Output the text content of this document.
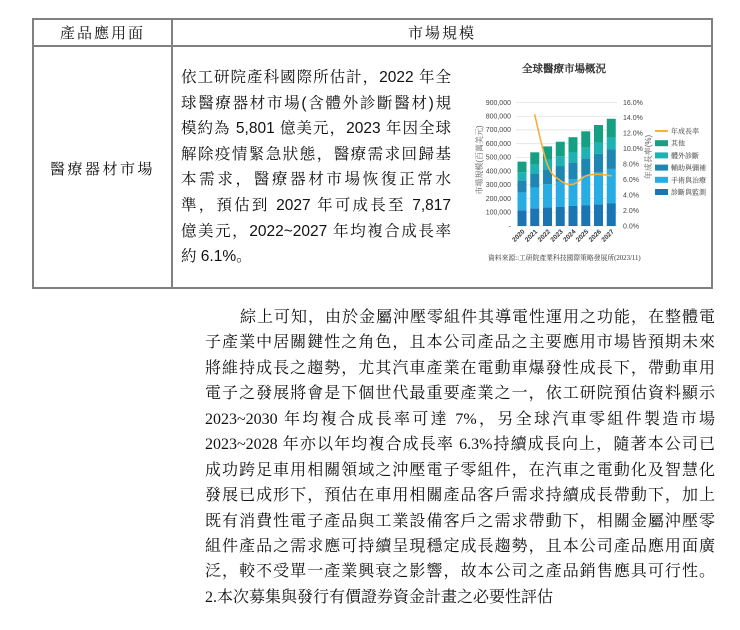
產品應用面	市場規模
醫療器材市場
依工研院產科國際所估計，2022 年全
球醫療器材市場(含體外診斷醫材)規
模約為 5,801 億美元，2023 年因全球
解除疫情緊急狀態，醫療需求回歸基
本需求，醫療器材市場恢復正常水
準，預估到 2027 年可成長至 7,817
億美元，2022~2027 年均複合成長率
約 6.1%。
全球醫療市場概況
-
100,000
200,000
300,000
400,000
500,000
600,000
700,000
800,000
900,000
0.0%
2.0%
4.0%
6.0%
8.0%
10.0%
12.0%
14.0%
16.0%
2020
2021
2022
2023
2024
2025
2026
2027
市場規模(百萬美元)	年成長率(%)
年成長率
其他
體外診斷
輔助與彌補
手術與治療
診斷與監測
資料來源::工研院產業科技國際策略發展所(2023/11)
綜上可知，由於金屬沖壓零組件其導電性運用之功能，在整體電
子產業中居關鍵性之角色，且本公司產品之主要應用市場皆預期未來
將維持成長之趨勢，尤其汽車產業在電動車爆發性成長下，帶動車用
電子之發展將會是下個世代最重要產業之一，依工研院預估資料顯示
2023~2030 年均複合成長率可達 7%，另全球汽車零組件製造市場
2023~2028 年亦以年均複合成長率 6.3%持續成長向上，隨著本公司已
成功跨足車用相關領域之沖壓電子零組件，在汽車之電動化及智慧化
發展已成形下，預估在車用相關產品客戶需求持續成長帶動下，加上
既有消費性電子產品與工業設備客戶之需求帶動下，相關金屬沖壓零
組件產品之需求應可持續呈現穩定成長趨勢，且本公司產品應用面廣
泛，較不受單一產業興衰之影響，故本公司之產品銷售應具可行性。
2.本次募集與發行有價證券資金計畫之必要性評估
